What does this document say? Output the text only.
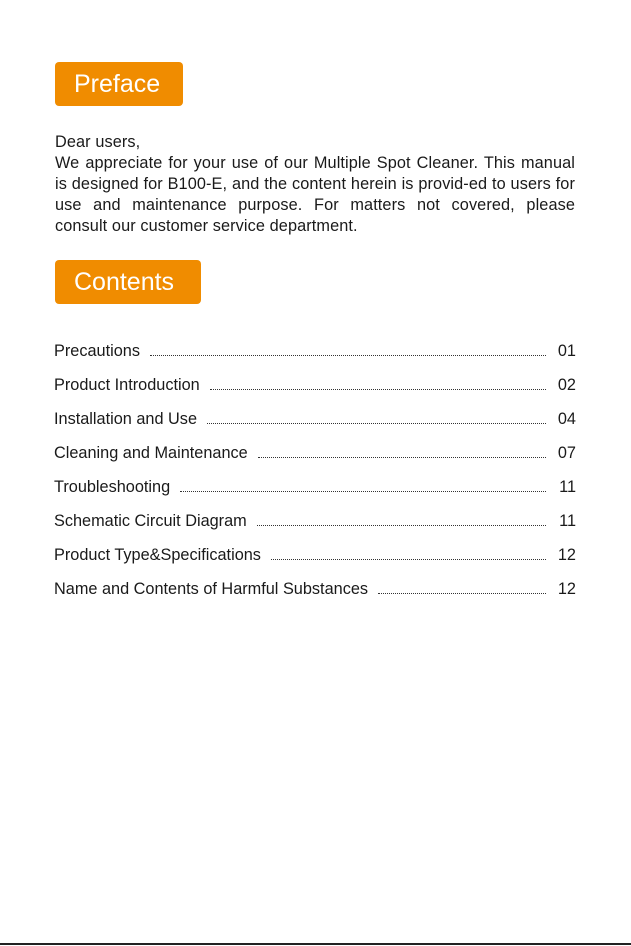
Preface

Dear users,

We appreciate for your use of our Multiple Spot Cleaner. This manual is designed for B100-E, and the content herein is provid-ed to users for use and maintenance purpose. For matters not covered, please consult our customer service department.

Contents
Precautions	01
Product Introduction	02
Installation and Use	04
Cleaning and Maintenance	07
Troubleshooting	11
Schematic Circuit Diagram	11
Product Type&Specifications	12
Name and Contents of Harmful Substances	12
